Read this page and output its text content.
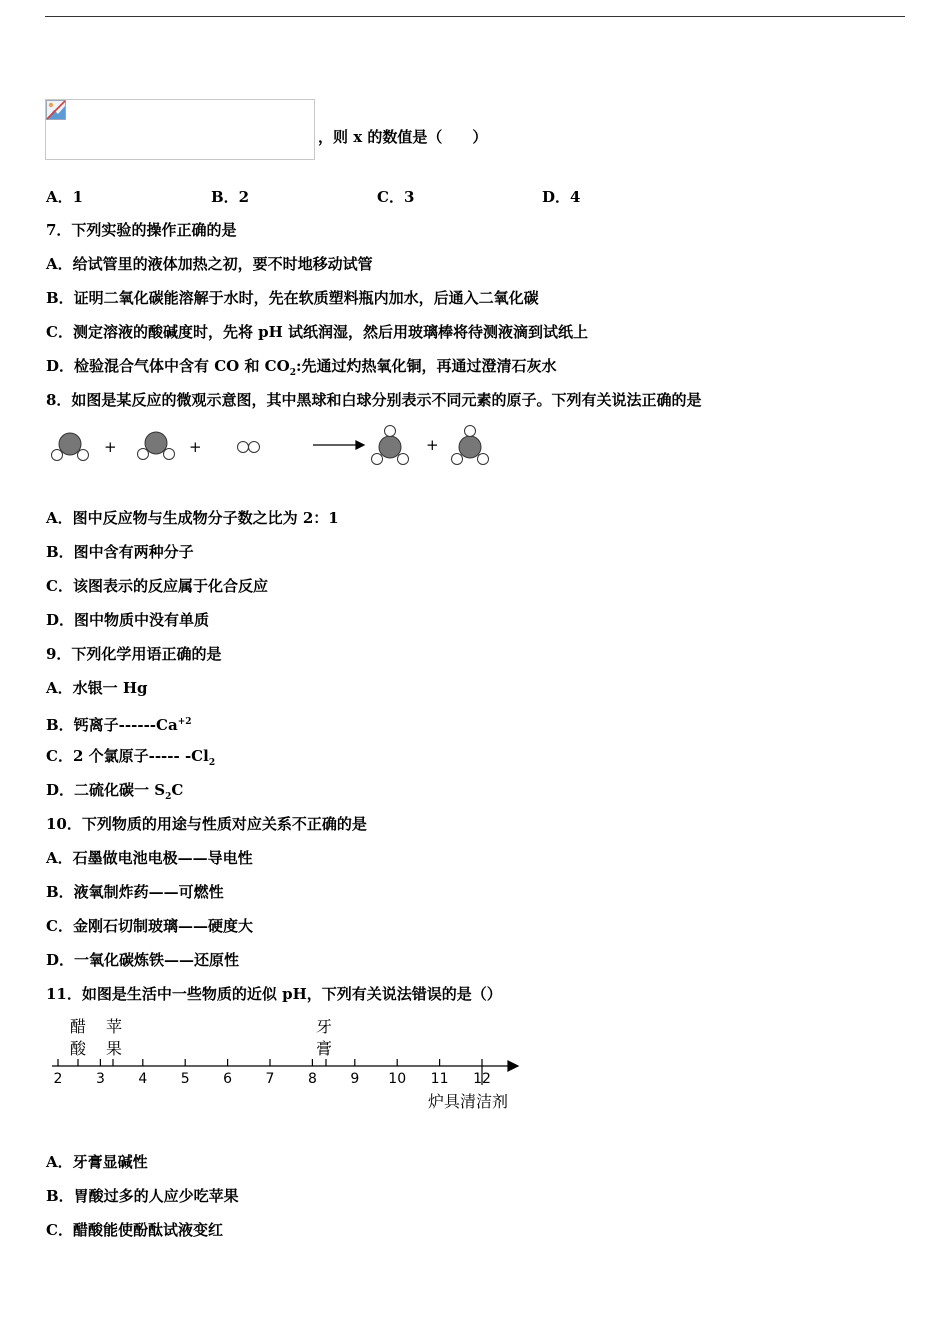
，则 x 的数值是（　　）
A．1	B．2	C．3	D．4
7．下列实验的操作正确的是
A．给试管里的液体加热之初，要不时地移动试管
B．证明二氧化碳能溶解于水时，先在软质塑料瓶内加水，后通入二氧化碳
C．测定溶液的酸碱度时，先将 pH 试纸润湿，然后用玻璃棒将待测液滴到试纸上
D．检验混合气体中含有 CO 和 $CO_2$:先通过灼热氧化铜，再通过澄清石灰水
8．如图是某反应的微观示意图，其中黑球和白球分别表示不同元素的原子。下列有关说法正确的是
+	+	+
A．图中反应物与生成物分子数之比为 2：1
B．图中含有两种分子
C．该图表示的反应属于化合反应
D．图中物质中没有单质
9．下列化学用语正确的是
A．水银一 Hg
B．钙离子$------Ca^{+2}$
C．2 个氯原子----- $-Cl_2$
D．二硫化碳一 $S_2C$
10．下列物质的用途与性质对应关系不正确的是
A．石墨做电池电极——导电性
B．液氧制炸药——可燃性
C．金刚石切制玻璃——硬度大
D．一氧化碳炼铁——还原性
11．如图是生活中一些物质的近似 pH，下列有关说法错误的是（）
醋
酸
苹
果
牙
膏
2 3 4 5 6 7 8 9 10 11 12
炉具清洁剂
A．牙膏显碱性
B．胃酸过多的人应少吃苹果
C．醋酸能使酚酞试液变红
